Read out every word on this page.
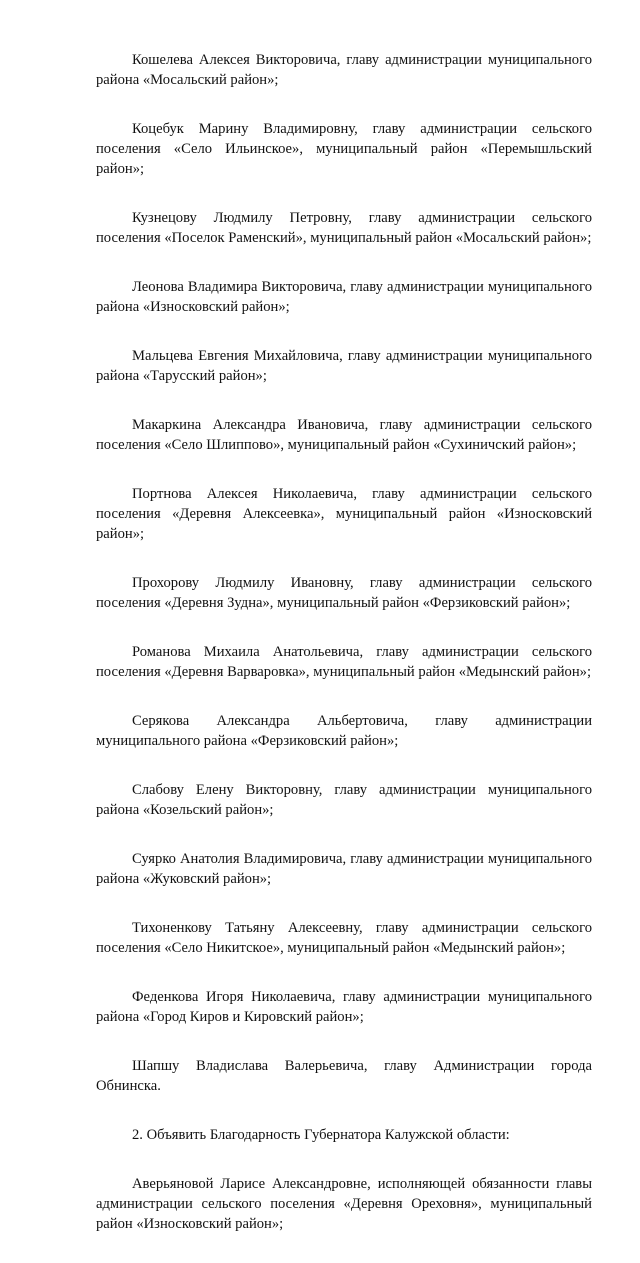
Кошелева Алексея Викторовича, главу администрации муниципального района «Мосальский район»;

Коцебук Марину Владимировну, главу администрации сельского поселения «Село Ильинское», муниципальный район «Перемышльский район»;

Кузнецову Людмилу Петровну, главу администрации сельского поселения «Поселок Раменский», муниципальный район «Мосальский район»;

Леонова Владимира Викторовича, главу администрации муниципального района «Износковский район»;

Мальцева Евгения Михайловича, главу администрации муниципального района «Тарусский район»;

Макаркина Александра Ивановича, главу администрации сельского поселения «Село Шлиппово», муниципальный район «Сухиничский район»;

Портнова Алексея Николаевича, главу администрации сельского поселения «Деревня Алексеевка», муниципальный район «Износковский район»;

Прохорову Людмилу Ивановну, главу администрации сельского поселения «Деревня Зудна», муниципальный район «Ферзиковский район»;

Романова Михаила Анатольевича, главу администрации сельского поселения «Деревня Варваровка», муниципальный район «Медынский район»;

Серякова Александра Альбертовича, главу администрации муниципального района «Ферзиковский район»;

Слабову Елену Викторовну, главу администрации муниципального района «Козельский район»;

Суярко Анатолия Владимировича, главу администрации муниципального района «Жуковский район»;

Тихоненкову Татьяну Алексеевну, главу администрации сельского поселения «Село Никитское», муниципальный район «Медынский район»;

Феденкова Игоря Николаевича, главу администрации муниципального района «Город Киров и Кировский район»;

Шапшу Владислава Валерьевича, главу Администрации города Обнинска.

2. Объявить Благодарность Губернатора Калужской области:

Аверьяновой Ларисе Александровне, исполняющей обязанности главы администрации сельского поселения «Деревня Ореховня», муниципальный район «Износковский район»;
